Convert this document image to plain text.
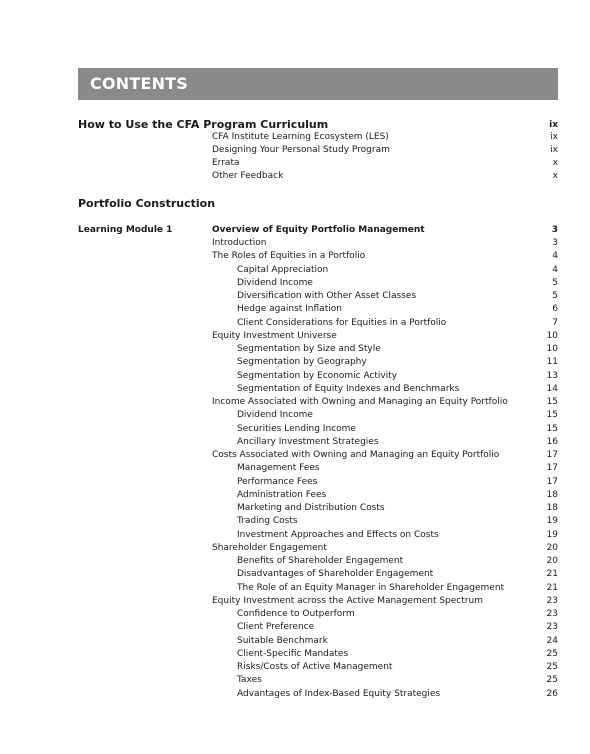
CONTENTS
How to Use the CFA Program Curriculum	ix
CFA Institute Learning Ecosystem (LES)	ix
Designing Your Personal Study Program	ix
Errata	x
Other Feedback	x
Portfolio Construction
Learning Module 1	Overview of Equity Portfolio Management	3
Introduction	3
The Roles of Equities in a Portfolio	4
Capital Appreciation	4
Dividend Income	5
Diversification with Other Asset Classes	5
Hedge against Inflation	6
Client Considerations for Equities in a Portfolio	7
Equity Investment Universe	10
Segmentation by Size and Style	10
Segmentation by Geography	11
Segmentation by Economic Activity	13
Segmentation of Equity Indexes and Benchmarks	14
Income Associated with Owning and Managing an Equity Portfolio	15
Dividend Income	15
Securities Lending Income	15
Ancillary Investment Strategies	16
Costs Associated with Owning and Managing an Equity Portfolio	17
Management Fees	17
Performance Fees	17
Administration Fees	18
Marketing and Distribution Costs	18
Trading Costs	19
Investment Approaches and Effects on Costs	19
Shareholder Engagement	20
Benefits of Shareholder Engagement	20
Disadvantages of Shareholder Engagement	21
The Role of an Equity Manager in Shareholder Engagement	21
Equity Investment across the Active Management Spectrum	23
Confidence to Outperform	23
Client Preference	23
Suitable Benchmark	24
Client-Specific Mandates	25
Risks/Costs of Active Management	25
Taxes	25
Advantages of Index-Based Equity Strategies	26
